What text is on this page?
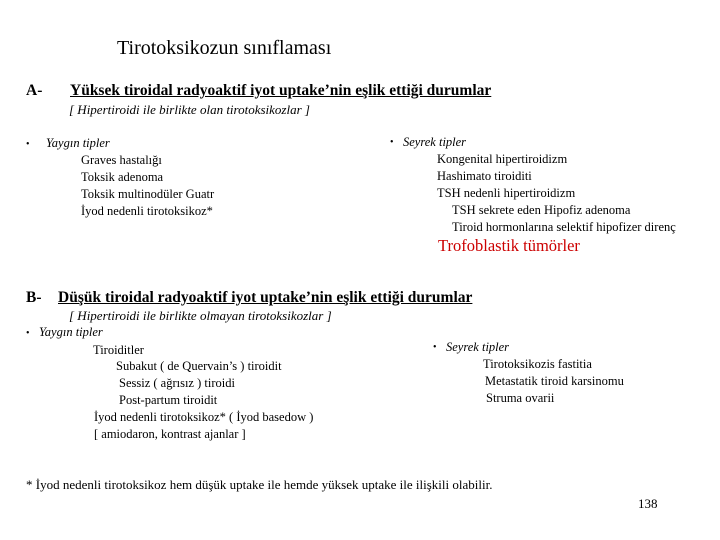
Tirotoksikozun sınıflaması
A- Yüksek tiroidal radyoaktif iyot uptake’nin eşlik ettiği durumlar
[ Hipertiroidi ile birlikte olan tirotoksikozlar ]
• Yaygın tipler
Graves hastalığı
Toksik adenoma
Toksik multinodüler Guatr
İyod nedenli tirotoksikoz*
• Seyrek tipler
Kongenital hipertiroidizm
Hashimato tiroiditi
TSH nedenli hipertiroidizm
TSH sekrete eden Hipofiz adenoma
Tiroid hormonlarına selektif hipofizer direnç
Trofoblastik tümörler
B- Düşük tiroidal radyoaktif iyot uptake’nin eşlik ettiği durumlar
[ Hipertiroidi ile birlikte olmayan tirotoksikozlar ]
• Yaygın tipler
Tiroiditler
Subakut ( de Quervain’s ) tiroidit
Sessiz ( ağrısız ) tiroidi
Post-partum tiroidit
İyod nedenli tirotoksikoz* ( İyod basedow )
[ amiodaron, kontrast ajanlar ]
• Seyrek tipler
Tirotoksikozis fastitia
Metastatik tiroid karsinomu
Struma ovarii
* İyod nedenli tirotoksikoz hem düşük uptake ile hemde yüksek uptake ile ilişkili olabilir.
138
